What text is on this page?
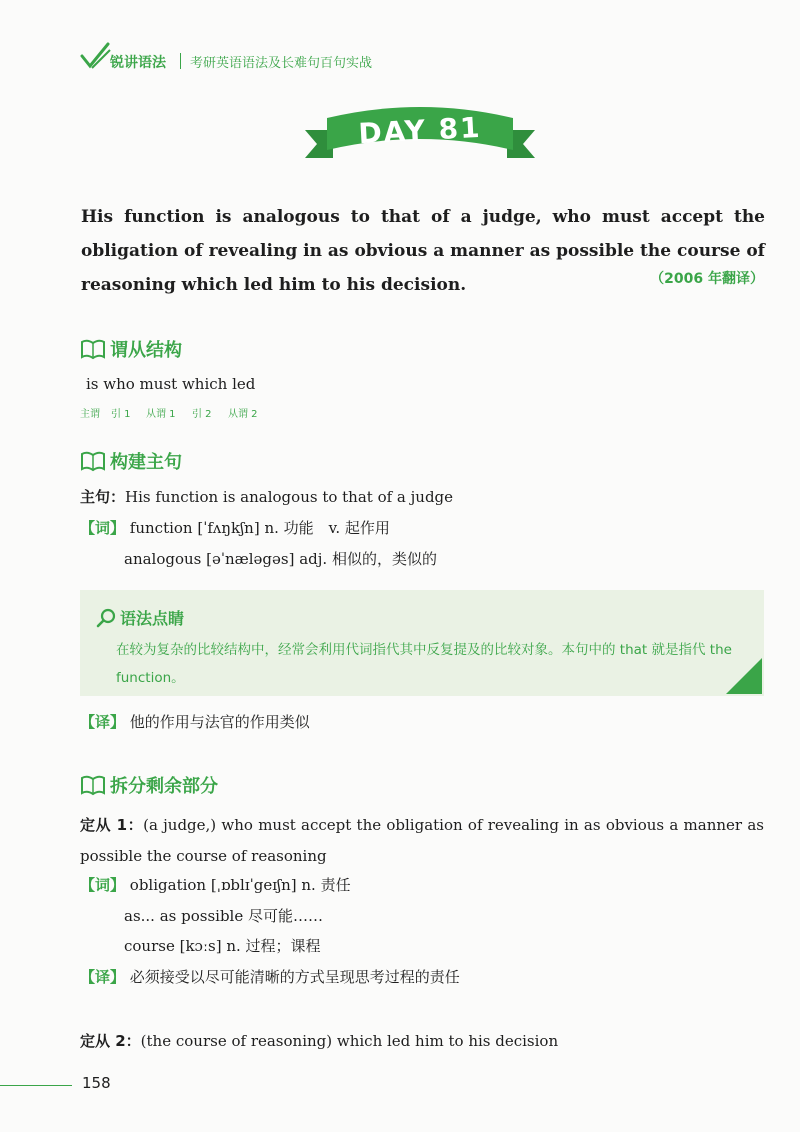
锐讲语法 考研英语语法及长难句百句实战
DAY 81
His function is analogous to that of a judge, who must accept the obligation of revealing in as obvious a manner as possible the course of reasoning which led him to his decision.	（2006 年翻译）
谓从结构
is who must which led
主谓 引 1 从谓 1 引 2 从谓 2
构建主句
主句：His function is analogous to that of a judge
【词】 function [ˈfʌŋkʃn] n. 功能　v. 起作用
analogous [əˈnæləgəs] adj. 相似的，类似的
语法点睛
在较为复杂的比较结构中，经常会利用代词指代其中反复提及的比较对象。本句中的 that 就是指代 the function。
【译】 他的作用与法官的作用类似
拆分剩余部分
定从 1：(a judge,) who must accept the obligation of revealing in as obvious a manner as possible the course of reasoning
【词】 obligation [ˌɒblɪˈgeɪʃn] n. 责任
as... as possible 尽可能……
course [kɔːs] n. 过程；课程
【译】 必须接受以尽可能清晰的方式呈现思考过程的责任
定从 2：(the course of reasoning) which led him to his decision
158
